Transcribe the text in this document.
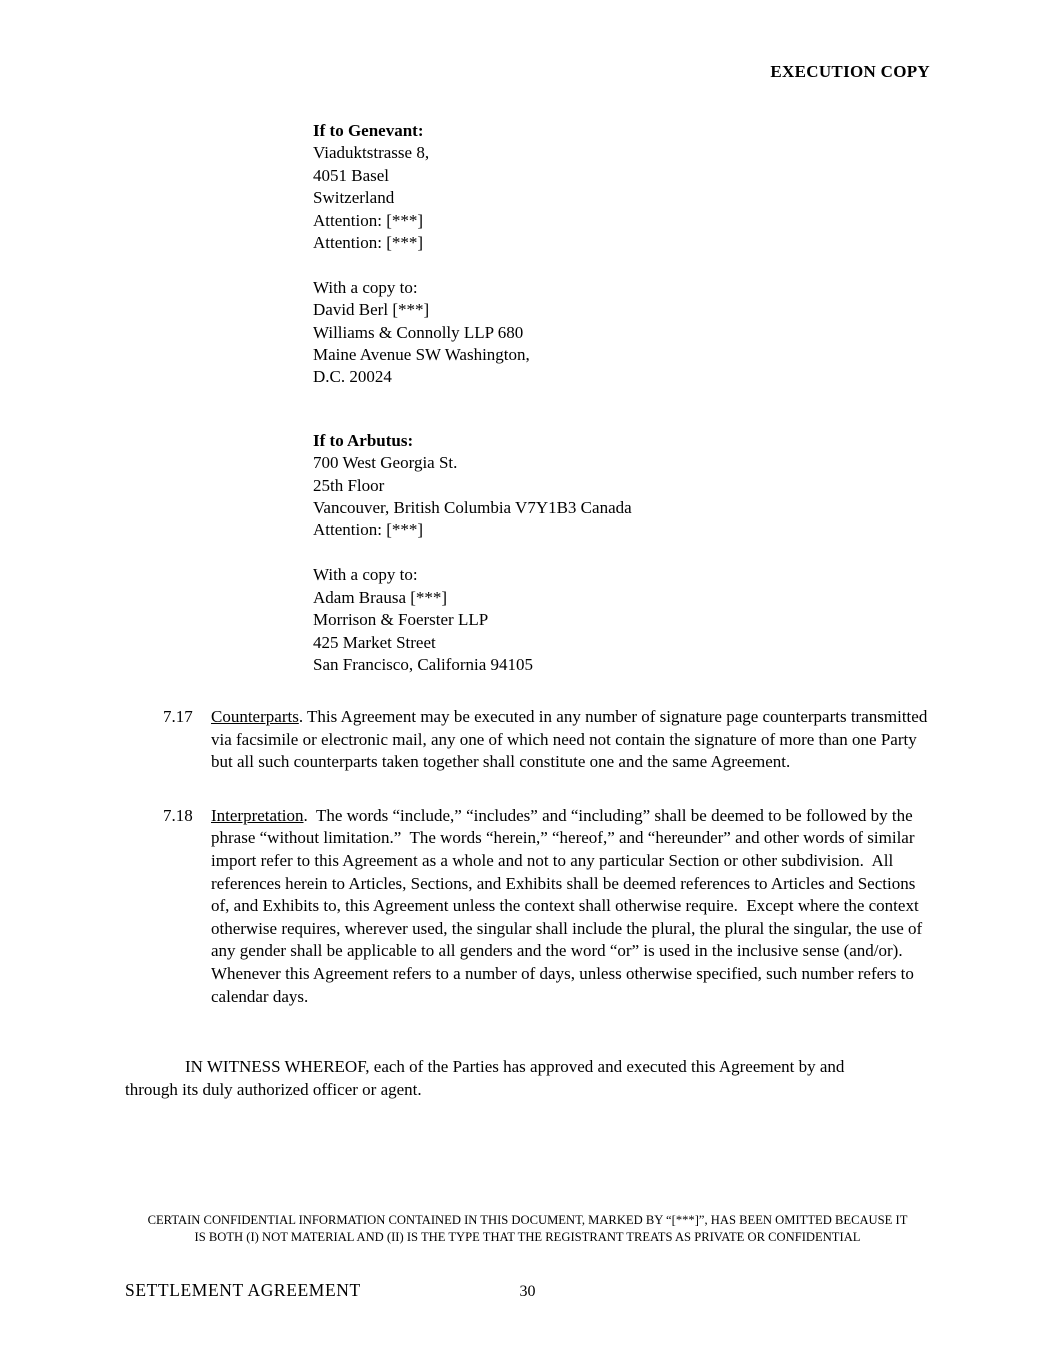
EXECUTION COPY

If to Genevant:

Viaduktstrasse 8,

4051 Basel

Switzerland

Attention: [***]

Attention: [***]

With a copy to:

David Berl [***]

Williams & Connolly LLP 680

Maine Avenue SW Washington,

D.C. 20024

If to Arbutus:

700 West Georgia St.

25th Floor

Vancouver, British Columbia V7Y1B3 Canada

Attention: [***]

With a copy to:

Adam Brausa [***]

Morrison & Foerster LLP

425 Market Street

San Francisco, California 94105

7.17	Counterparts. This Agreement may be executed in any number of signature page counterparts transmitted via facsimile or electronic mail, any one of which need not contain the signature of more than one Party but all such counterparts taken together shall constitute one and the same Agreement.

7.18	Interpretation.  The words “include,” “includes” and “including” shall be deemed to be followed by the phrase “without limitation.”  The words “herein,” “hereof,” and “hereunder” and other words of similar import refer to this Agreement as a whole and not to any particular Section or other subdivision.  All references herein to Articles, Sections, and Exhibits shall be deemed references to Articles and Sections of, and Exhibits to, this Agreement unless the context shall otherwise require.  Except where the context otherwise requires, wherever used, the singular shall include the plural, the plural the singular, the use of any gender shall be applicable to all genders and the word “or” is used in the inclusive sense (and/or).  Whenever this Agreement refers to a number of days, unless otherwise specified, such number refers to calendar days.

IN WITNESS WHEREOF, each of the Parties has approved and executed this Agreement by and through its duly authorized officer or agent.

CERTAIN CONFIDENTIAL INFORMATION CONTAINED IN THIS DOCUMENT, MARKED BY “[***]”, HAS BEEN OMITTED BECAUSE IT

IS BOTH (I) NOT MATERIAL AND (II) IS THE TYPE THAT THE REGISTRANT TREATS AS PRIVATE OR CONFIDENTIAL

SETTLEMENT AGREEMENT	30
